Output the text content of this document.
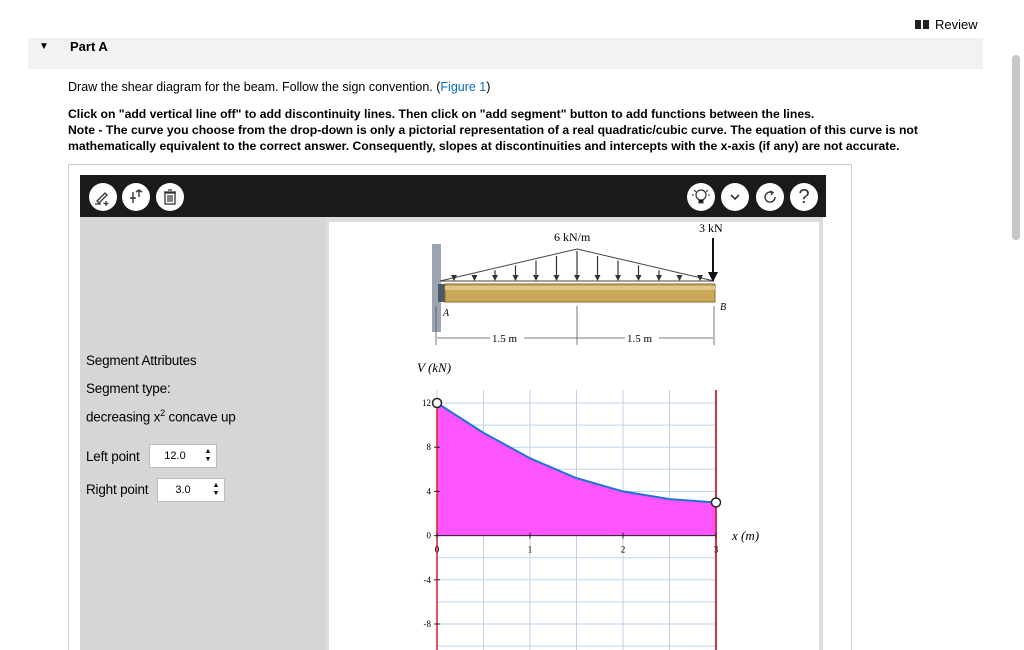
Review
▼ Part A
Draw the shear diagram for the beam. Follow the sign convention. (Figure 1)
Click on "add vertical line off" to add discontinuity lines. Then click on "add segment" button to add functions between the lines.
Note - The curve you choose from the drop-down is only a pictorial representation of a real quadratic/cubic curve. The equation of this curve is not
mathematically equivalent to the correct answer. Consequently, slopes at discontinuities and intercepts with the x-axis (if any) are not accurate.
?
Segment Attributes
Segment type:
decreasing $x^2$ concave up
Left point	12.0	▲
▼
Right point	3.0	▲
▼
6 kN/m
3 kN
A
B
1.5 m	1.5 m
12
8
4
0
-4
-8
0	1	2	3
V (kN)
x (m)
